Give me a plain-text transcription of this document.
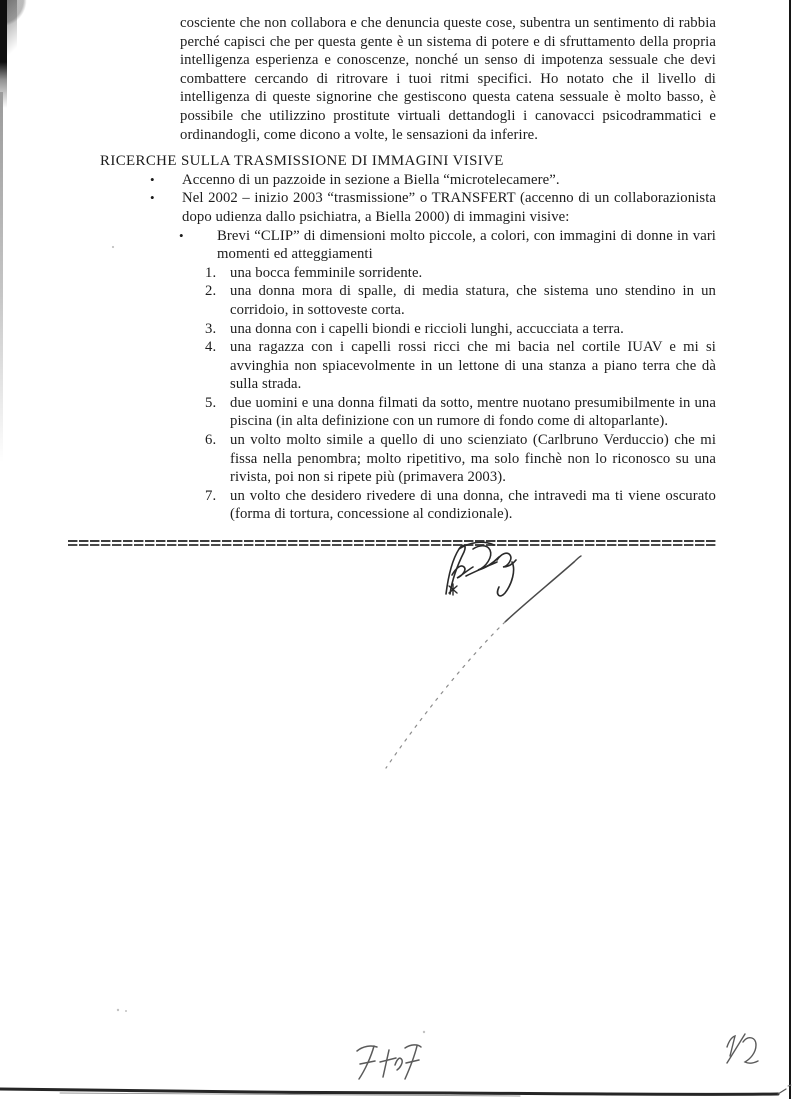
cosciente che non collabora e che denuncia queste cose, subentra un sentimento di rabbia perché capisci che per questa gente è un sistema di potere e di sfruttamento della propria intelligenza esperienza e conoscenze, nonché un senso di impotenza sessuale che devi combattere cercando di ritrovare i tuoi ritmi specifici. Ho notato che il livello di intelligenza di queste signorine che gestiscono questa catena sessuale è molto basso, è possibile che utilizzino prostitute virtuali dettandogli i canovacci psicodrammatici e ordinandogli, come dicono a volte, le sensazioni da inferire.

RICERCHE SULLA TRASMISSIONE DI IMMAGINI VISIVE
•	Accenno di un pazzoide in sezione a Biella “microtelecamere”.
•	Nel 2002 – inizio 2003 “trasmissione” o TRANSFERT (accenno di un collaborazionista dopo udienza dallo psichiatra, a Biella 2000) di immagini visive:
•	Brevi “CLIP” di dimensioni molto piccole, a colori, con immagini di donne in vari momenti ed atteggiamenti
1. una bocca femminile sorridente.
2. una donna mora di spalle, di media statura, che sistema uno stendino in un corridoio, in sottoveste corta.
3. una donna con i capelli biondi e riccioli lunghi, accucciata a terra.
4. una ragazza con i capelli rossi ricci che mi bacia nel cortile IUAV e mi si avvinghia non spiacevolmente in un lettone di una stanza a piano terra che dà sulla strada.
5. due uomini e una donna filmati da sotto, mentre nuotano presumibilmente in una piscina (in alta definizione con un rumore di fondo come di altoparlante).
6. un volto molto simile a quello di uno scienziato (Carlbruno Verduccio) che mi fissa nella penombra; molto ripetitivo, ma solo finchè non lo riconosco su una rivista, poi non si ripete più (primavera 2003).
7. un volto che desidero rivedere di una donna, che intravedi ma ti viene oscurato (forma di tortura, concessione al condizionale).
